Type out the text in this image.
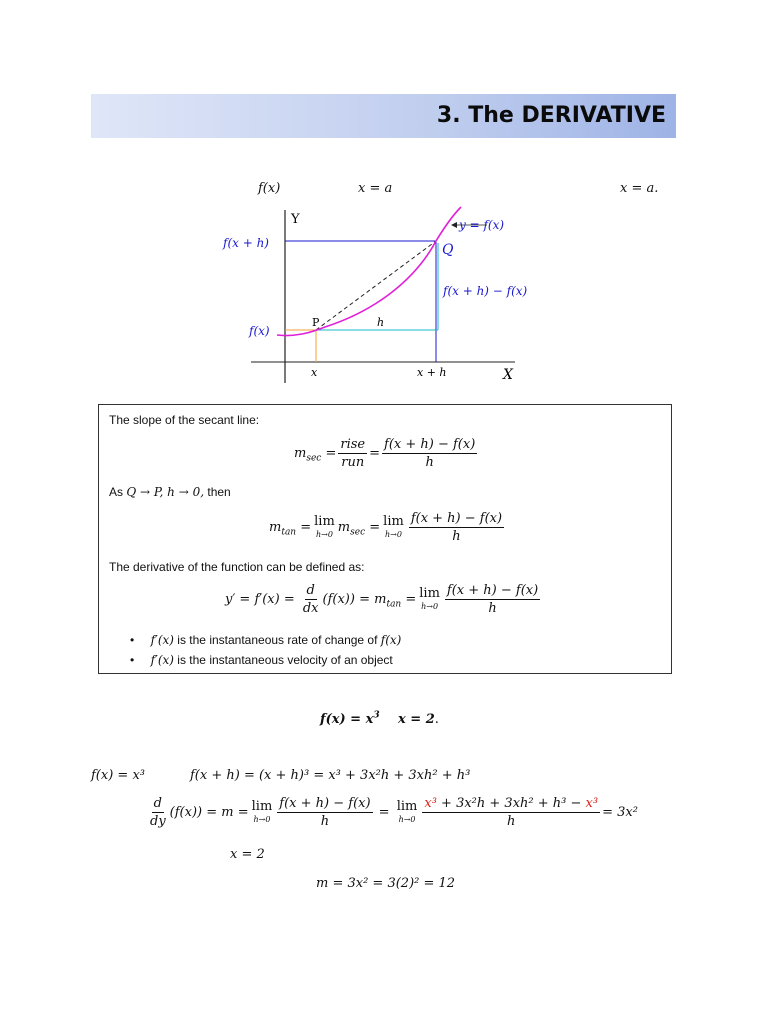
3. The DERIVATIVE
f(x)	x = a	x = a.
Y
X
f(x + h)
f(x)
y = f(x)
Q
P	h
f(x + h) − f(x)
x	x + h
The slope of the secant line:
$m_{sec} = \frac{\text{rise}}{\text{run}} = \frac{f(x + h) - f(x)}{h}$
As
Q → P, h → 0,
then
$m_{tan} = \lim$
h→0 $m_{sec} = \lim$
$h\to 0 \frac{f(x + h) - f(x)}{h}$
The derivative of the function can be defined as:
y′ = f′(x) =
$\frac{d}{dx} (f(x)) = m_{tan} = \lim$
$h\to 0 \frac{f(x + h) - f(x)}{h}$
• f′(x) is the instantaneous rate of change of f(x)
• f′(x) is the instantaneous velocity of an object
$f(x) = x^3$ x = 2.
f(x) = x³	f(x + h) = (x + h)³ = x³ + 3x²h + 3xh² + h³
$\frac{d}{dy} (f(x)) = m = \lim$
$h\to 0 \frac{f(x + h) - f(x)}{h} = \lim$
$h\to 0 \frac{\text{x³ + 3x²h + 3xh² + h³ − x³}}{h} = 3x^2$
x = 2
m = 3x² = 3(2)² = 12
